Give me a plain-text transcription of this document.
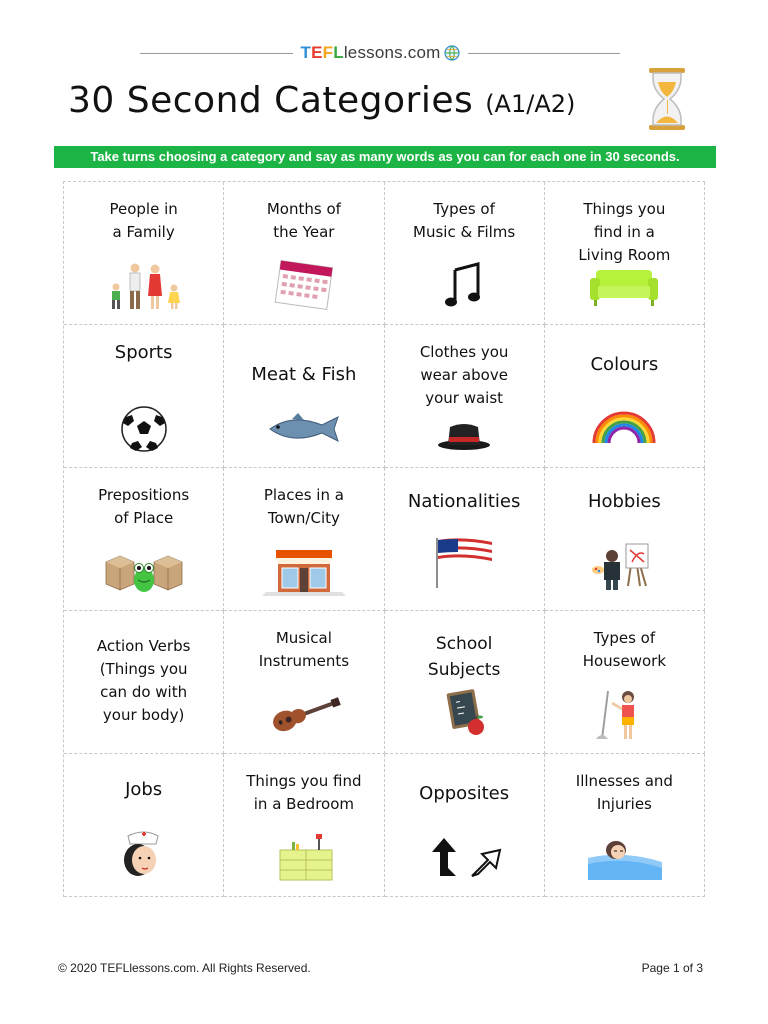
T E F L lessons.com
30 Second Categories (A1/A2)
Take turns choosing a category and say as many words as you can for each one in 30 seconds.
People in
a Family
Months of
the Year
Types of
Music & Films
Things you
find in a
Living Room
Sports
Meat & Fish
Clothes you
wear above
your waist
Colours
Prepositions
of Place
Places in a
Town/City
Nationalities	Hobbies
Action Verbs
(Things you
can do with
your body)
Musical
Instruments
School
Subjects
Types of
Housework
Jobs	Things you find
in a Bedroom	Opposites
Illnesses and
Injuries
© 2020 TEFLlessons.com. All Rights Reserved.	Page 1 of 3
